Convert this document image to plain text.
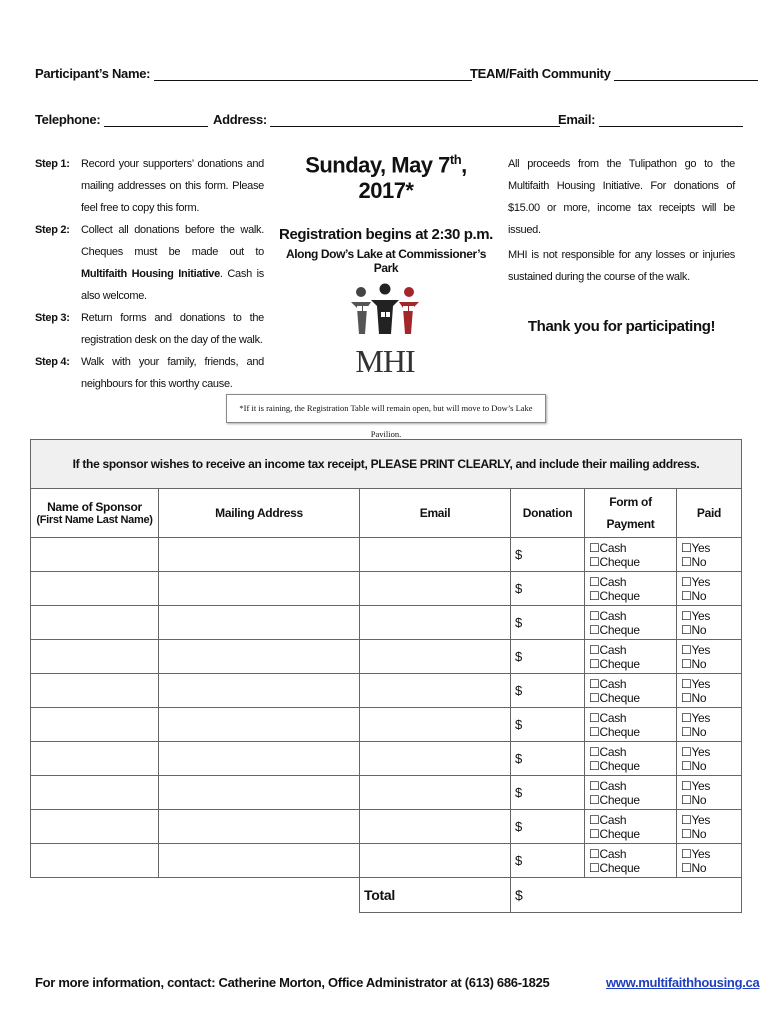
Participant’s Name:	TEAM/Faith Community
Telephone:	Address:	Email:
Step 1:	Record your supporters’ donations and mailing addresses on this form. Please feel free to copy this form.
Step 2:	Collect all donations before the walk. Cheques must be made out to Multifaith Housing Initiative. Cash is also welcome.
Step 3:	Return forms and donations to the registration desk on the day of the walk.
Step 4:	Walk with your family, friends, and neighbours for this worthy cause.
Sunday, May 7th, 2017*
Registration begins at 2:30 p.m.
Along Dow’s Lake at Commissioner’s Park
MHI
All proceeds from the Tulipathon go to the Multifaith Housing Initiative. For donations of $15.00 or more, income tax receipts will be issued.
MHI is not responsible for any losses or injuries sustained during the course of the walk.
Thank you for participating!
*If it is raining, the Registration Table will remain open, but will move to Dow’s Lake Pavilion.
If the sponsor wishes to receive an income tax receipt, PLEASE PRINT CLEARLY, and include their mailing address.					
Name of Sponsor
(First Name Last Name)	Mailing Address	Email	Donation	Form of Payment	Paid
			$	☐Cash ☐Cheque	☐Yes ☐No
			$	☐Cash ☐Cheque	☐Yes ☐No
			$	☐Cash ☐Cheque	☐Yes ☐No
			$	☐Cash ☐Cheque	☐Yes ☐No
			$	☐Cash ☐Cheque	☐Yes ☐No
			$	☐Cash ☐Cheque	☐Yes ☐No
			$	☐Cash ☐Cheque	☐Yes ☐No
			$	☐Cash ☐Cheque	☐Yes ☐No
			$	☐Cash ☐Cheque	☐Yes ☐No
			$	☐Cash ☐Cheque	☐Yes ☐No
		Total	$		
For more information, contact: Catherine Morton, Office Administrator at (613) 686-1825	www.multifaithhousing.ca
